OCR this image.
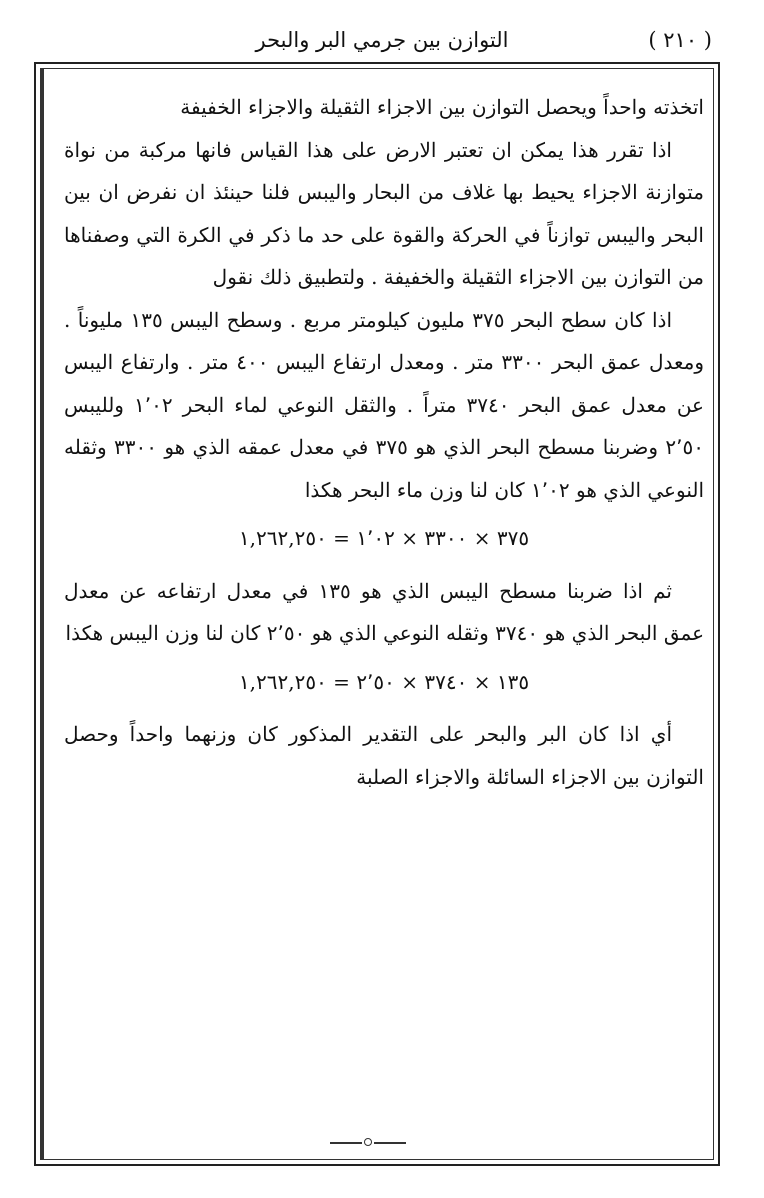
( ٢١٠ )
التوازن بين جرمي البر والبحر

اتخذته واحداً ويحصل التوازن بين الاجزاء الثقيلة والاجزاء الخفيفة

اذا تقرر هذا يمكن ان تعتبر الارض على هذا القياس فانها مركبة من نواة متوازنة الاجزاء يحيط بها غلاف من البحار واليبس فلنا حينئذ ان نفرض ان بين البحر واليبس توازناً في الحركة والقوة على حد ما ذكر في الكرة التي وصفناها من التوازن بين الاجزاء الثقيلة والخفيفة . ولتطبيق ذلك نقول

اذا كان سطح البحر ٣٧٥ مليون كيلومتر مربع . وسطح اليبس ١٣٥ مليوناً . ومعدل عمق البحر ٣٣٠٠ متر . ومعدل ارتفاع اليبس ٤٠٠ متر . وارتفاع اليبس عن معدل عمق البحر ٣٧٤٠ متراً . والثقل النوعي لماء البحر ١٬٠٢ ولليبس ٢٬٥٠ وضربنا مسطح البحر الذي هو ٣٧٥ في معدل عمقه الذي هو ٣٣٠٠ وثقله النوعي الذي هو ١٬٠٢ كان لنا وزن ماء البحر هكذا

٣٧٥ × ٣٣٠٠ × ١٬٠٢ = ١,٢٦٢,٢٥٠

ثم اذا ضربنا مسطح اليبس الذي هو ١٣٥ في معدل ارتفاعه عن معدل عمق البحر الذي هو ٣٧٤٠ وثقله النوعي الذي هو ٢٬٥٠ كان لنا وزن اليبس هكذا

١٣٥ × ٣٧٤٠ × ٢٬٥٠ = ١,٢٦٢,٢٥٠

أي اذا كان البر والبحر على التقدير المذكور كان وزنهما واحداً وحصل التوازن بين الاجزاء السائلة والاجزاء الصلبة
